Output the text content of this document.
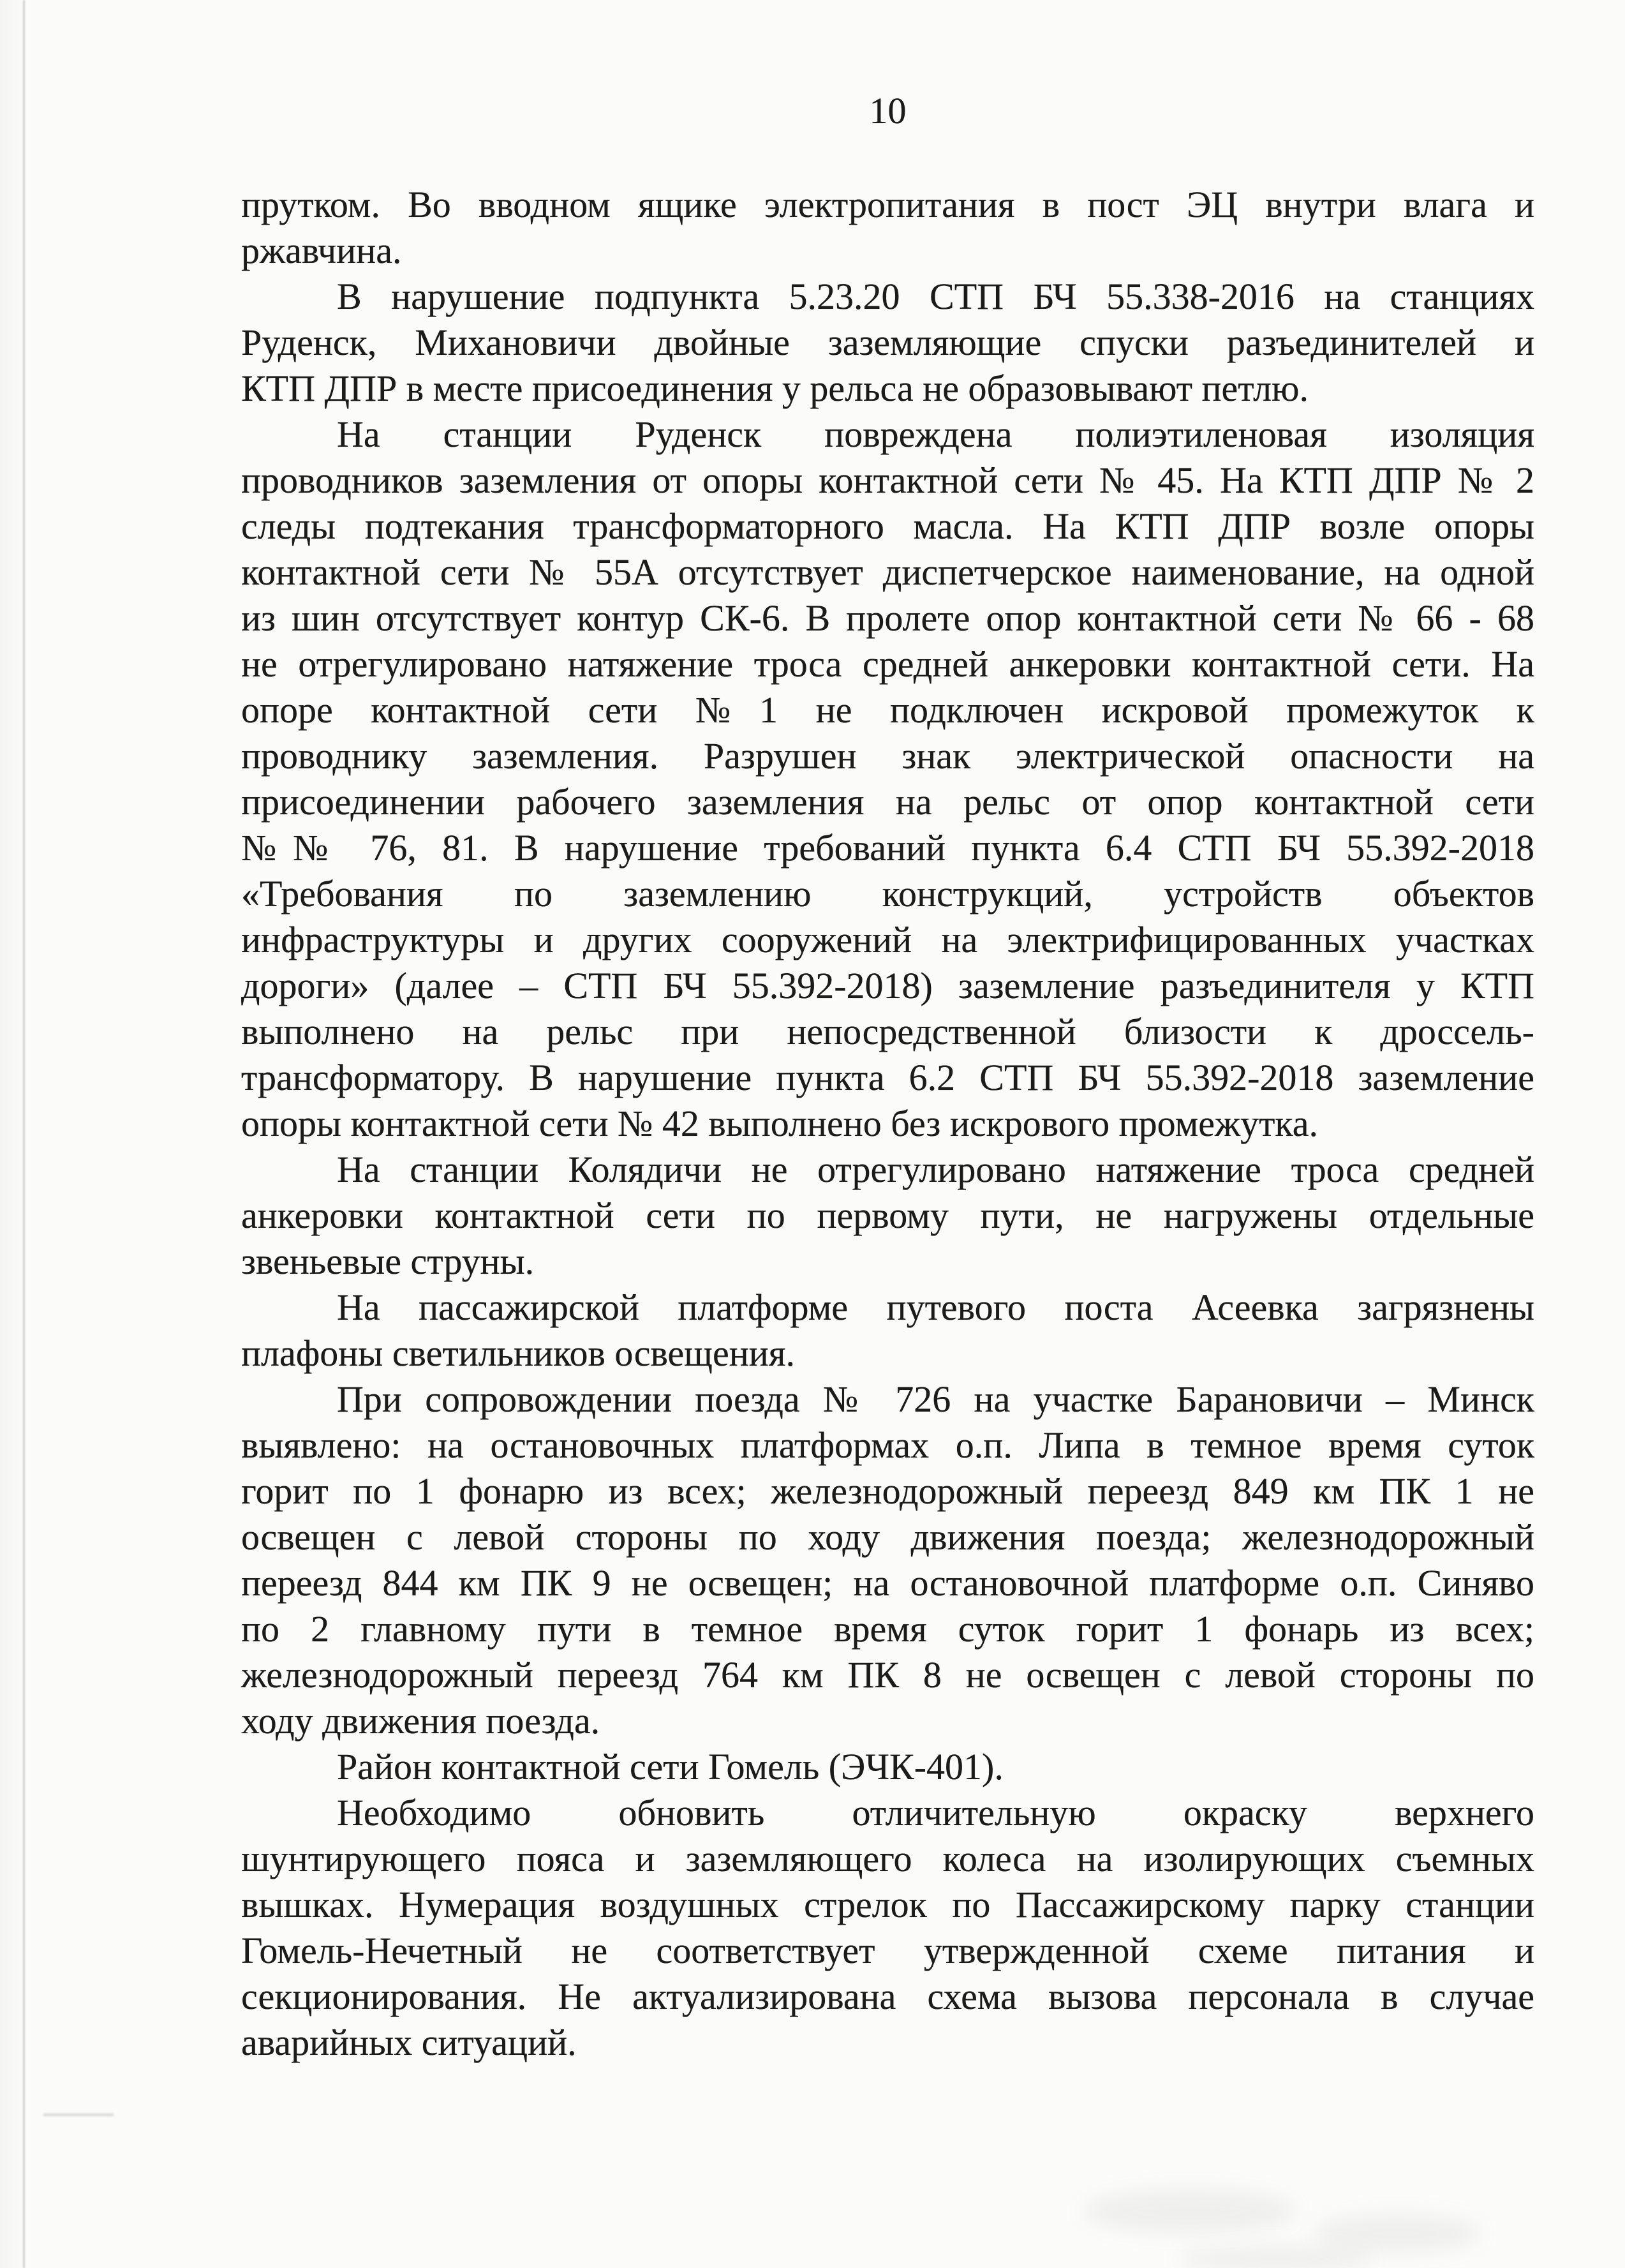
10
прутком. Во вводном ящике электропитания в пост ЭЦ внутри влага и
ржавчина.
В нарушение подпункта 5.23.20 СТП БЧ 55.338-2016 на станциях
Руденск, Михановичи двойные заземляющие спуски разъединителей и
КТП ДПР в месте присоединения у рельса не образовывают петлю.
На станции Руденск повреждена полиэтиленовая изоляция
проводников заземления от опоры контактной сети № 45. На КТП ДПР № 2
следы подтекания трансформаторного масла. На КТП ДПР возле опоры
контактной сети № 55А отсутствует диспетчерское наименование, на одной
из шин отсутствует контур СК-6. В пролете опор контактной сети № 66 - 68
не отрегулировано натяжение троса средней анкеровки контактной сети. На
опоре контактной сети №1 не подключен искровой промежуток к
проводнику заземления. Разрушен знак электрической опасности на
присоединении рабочего заземления на рельс от опор контактной сети
№№ 76, 81. В нарушение требований пункта 6.4 СТП БЧ 55.392-2018
«Требования по заземлению конструкций, устройств объектов
инфраструктуры и других сооружений на электрифицированных участках
дороги» (далее – СТП БЧ 55.392-2018) заземление разъединителя у КТП
выполнено на рельс при непосредственной близости к дроссель-
трансформатору. В нарушение пункта 6.2 СТП БЧ 55.392-2018 заземление
опоры контактной сети № 42 выполнено без искрового промежутка.
На станции Колядичи не отрегулировано натяжение троса средней
анкеровки контактной сети по первому пути, не нагружены отдельные
звеньевые струны.
На пассажирской платформе путевого поста Асеевка загрязнены
плафоны светильников освещения.
При сопровождении поезда № 726 на участке Барановичи – Минск
выявлено: на остановочных платформах о.п. Липа в темное время суток
горит по 1 фонарю из всех; железнодорожный переезд 849 км ПК 1 не
освещен с левой стороны по ходу движения поезда; железнодорожный
переезд 844 км ПК 9 не освещен; на остановочной платформе о.п. Синяво
по 2 главному пути в темное время суток горит 1 фонарь из всех;
железнодорожный переезд 764 км ПК 8 не освещен с левой стороны по
ходу движения поезда.
Район контактной сети Гомель (ЭЧК-401).
Необходимо обновить отличительную окраску верхнего
шунтирующего пояса и заземляющего колеса на изолирующих съемных
вышках. Нумерация воздушных стрелок по Пассажирскому парку станции
Гомель-Нечетный не соответствует утвержденной схеме питания и
секционирования. Не актуализирована схема вызова персонала в случае
аварийных ситуаций.
